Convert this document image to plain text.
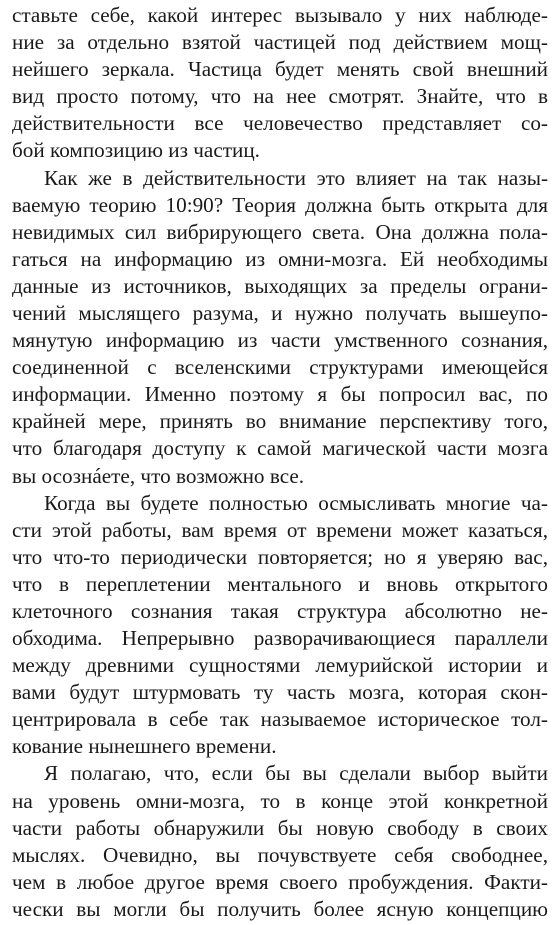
ставьте себе, какой интерес вызывало у них наблюде-
ние за отдельно взятой частицей под действием мощ-
нейшего зеркала. Частица будет менять свой внешний
вид просто потому, что на нее смотрят. Знайте, что в
действительности все человечество представляет со-
бой композицию из частиц.
Как же в действительности это влияет на так назы-
ваемую теорию 10:90? Теория должна быть открыта для
невидимых сил вибрирующего света. Она должна пола-
гаться на информацию из омни-мозга. Ей необходимы
данные из источников, выходящих за пределы ограни-
чений мыслящего разума, и нужно получать вышеупо-
мянутую информацию из части умственного сознания,
соединенной с вселенскими структурами имеющейся
информации. Именно поэтому я бы попросил вас, по
крайней мере, принять во внимание перспективу того,
что благодаря доступу к самой магической части мозга
вы осознáете, что возможно все.
Когда вы будете полностью осмысливать многие ча-
сти этой работы, вам время от времени может казаться,
что что-то периодически повторяется; но я уверяю вас,
что в переплетении ментального и вновь открытого
клеточного сознания такая структура абсолютно не-
обходима. Непрерывно разворачивающиеся параллели
между древними сущностями лемурийской истории и
вами будут штурмовать ту часть мозга, которая скон-
центрировала в себе так называемое историческое тол-
кование нынешнего времени.
Я полагаю, что, если бы вы сделали выбор выйти
на уровень омни-мозга, то в конце этой конкретной
части работы обнаружили бы новую свободу в своих
мыслях. Очевидно, вы почувствуете себя свободнее,
чем в любое другое время своего пробуждения. Факти-
чески вы могли бы получить более ясную концепцию
